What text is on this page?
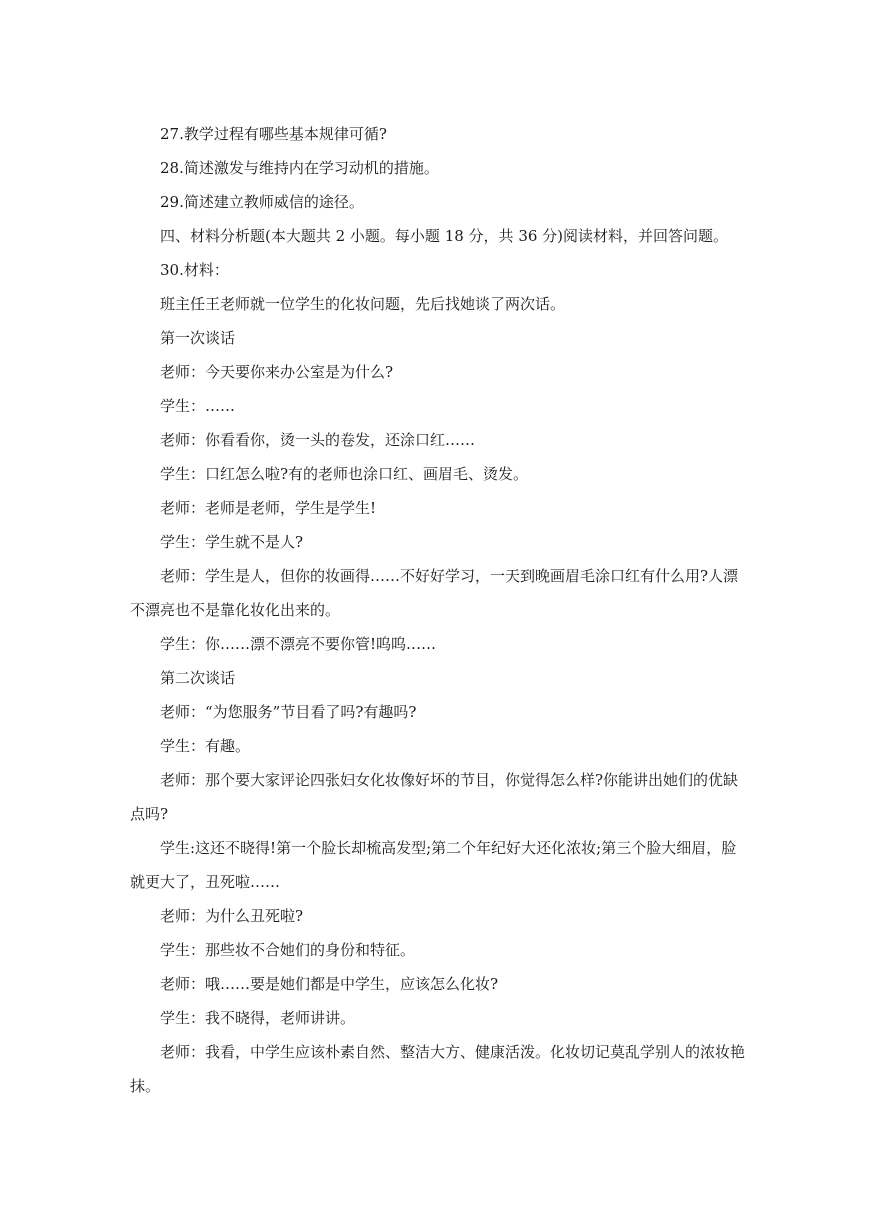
27.教学过程有哪些基本规律可循?

28.简述激发与维持内在学习动机的措施。

29.简述建立教师威信的途径。

四、材料分析题(本大题共 2 小题。每小题 18 分，共 36 分)阅读材料，并回答问题。

30.材料：

班主任王老师就一位学生的化妆问题，先后找她谈了两次话。

第一次谈话

老师：今天要你来办公室是为什么?

学生：……

老师：你看看你，烫一头的卷发，还涂口红……

学生：口红怎么啦?有的老师也涂口红、画眉毛、烫发。

老师：老师是老师，学生是学生!

学生：学生就不是人?

老师：学生是人，但你的妆画得……不好好学习，一天到晚画眉毛涂口红有什么用?人漂不漂亮也不是靠化妆化出来的。

学生：你……漂不漂亮不要你管!呜呜……

第二次谈话

老师：“为您服务”节目看了吗?有趣吗?

学生：有趣。

老师：那个要大家评论四张妇女化妆像好坏的节目，你觉得怎么样?你能讲出她们的优缺点吗?

学生:这还不晓得!第一个脸长却梳高发型;第二个年纪好大还化浓妆;第三个脸大细眉，脸就更大了，丑死啦……

老师：为什么丑死啦?

学生：那些妆不合她们的身份和特征。

老师：哦……要是她们都是中学生，应该怎么化妆?

学生：我不晓得，老师讲讲。

老师：我看，中学生应该朴素自然、整洁大方、健康活泼。化妆切记莫乱学别人的浓妆艳抹。
